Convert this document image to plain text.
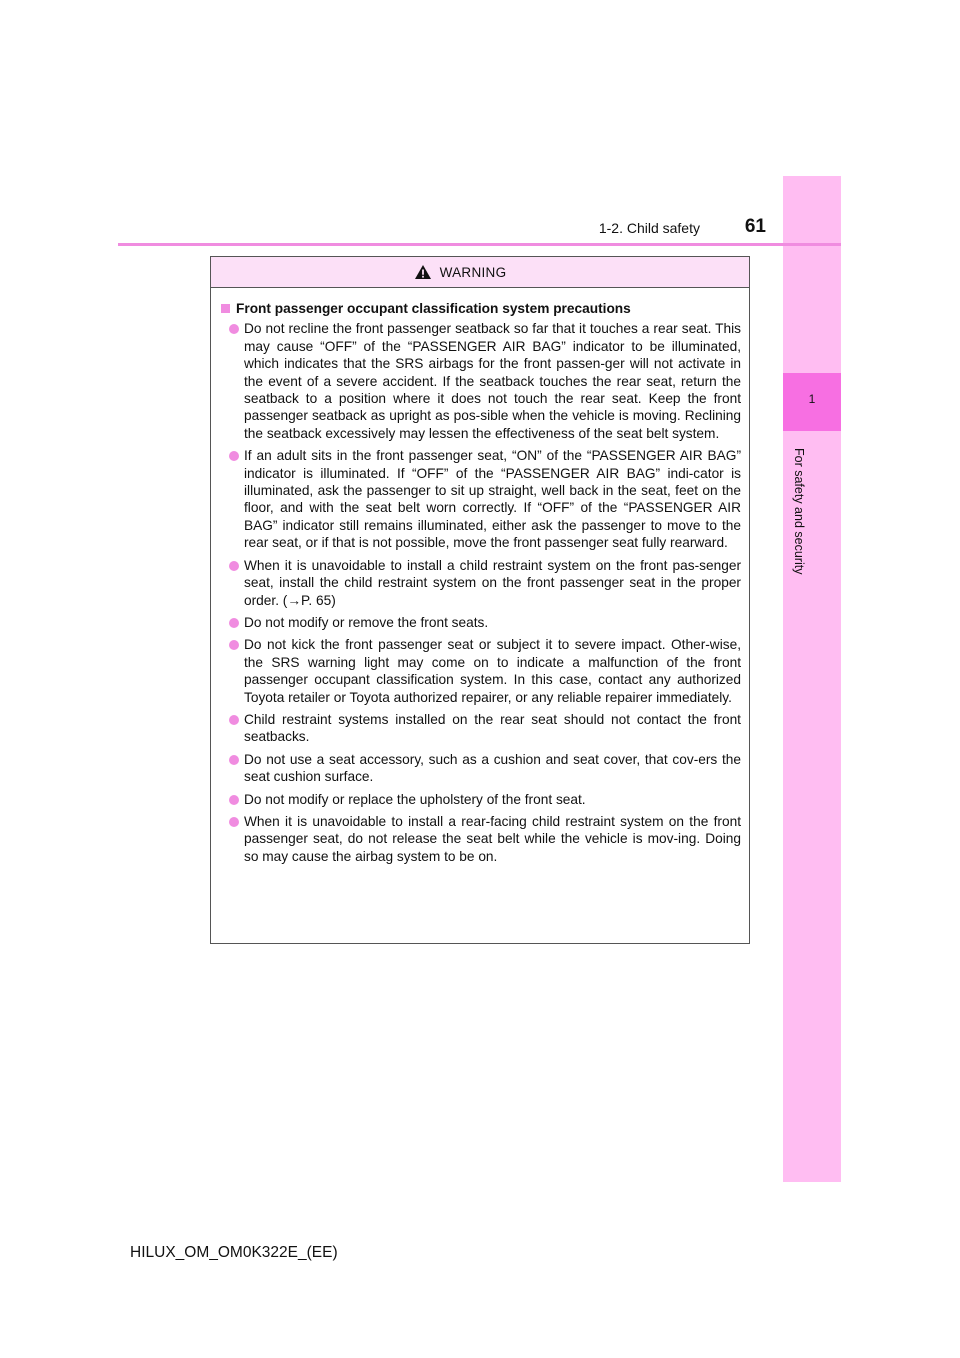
1
For safety and security
1-2. Child safety	61
WARNING
Front passenger occupant classification system precautions
Do not recline the front passenger seatback so far that it touches a rear seat. This may cause “OFF” of the “PASSENGER AIR BAG” indicator to be illuminated, which indicates that the SRS airbags for the front passen-ger will not activate in the event of a severe accident. If the seatback touches the rear seat, return the seatback to a position where it does not touch the rear seat. Keep the front passenger seatback as upright as pos-sible when the vehicle is moving. Reclining the seatback excessively may lessen the effectiveness of the seat belt system.
If an adult sits in the front passenger seat, “ON” of the “PASSENGER AIR BAG” indicator is illuminated. If “OFF” of the “PASSENGER AIR BAG” indi-cator is illuminated, ask the passenger to sit up straight, well back in the seat, feet on the floor, and with the seat belt worn correctly. If “OFF” of the “PASSENGER AIR BAG” indicator still remains illuminated, either ask the passenger to move to the rear seat, or if that is not possible, move the front passenger seat fully rearward.
When it is unavoidable to install a child restraint system on the front pas-senger seat, install the child restraint system on the front passenger seat in the proper order. (→P. 65)
Do not modify or remove the front seats.
Do not kick the front passenger seat or subject it to severe impact. Other-wise, the SRS warning light may come on to indicate a malfunction of the front passenger occupant classification system. In this case, contact any authorized Toyota retailer or Toyota authorized repairer, or any reliable repairer immediately.
Child restraint systems installed on the rear seat should not contact the front seatbacks.
Do not use a seat accessory, such as a cushion and seat cover, that cov-ers the seat cushion surface.
Do not modify or replace the upholstery of the front seat.
When it is unavoidable to install a rear-facing child restraint system on the front passenger seat, do not release the seat belt while the vehicle is mov-ing. Doing so may cause the airbag system to be on.
HILUX_OM_OM0K322E_(EE)
